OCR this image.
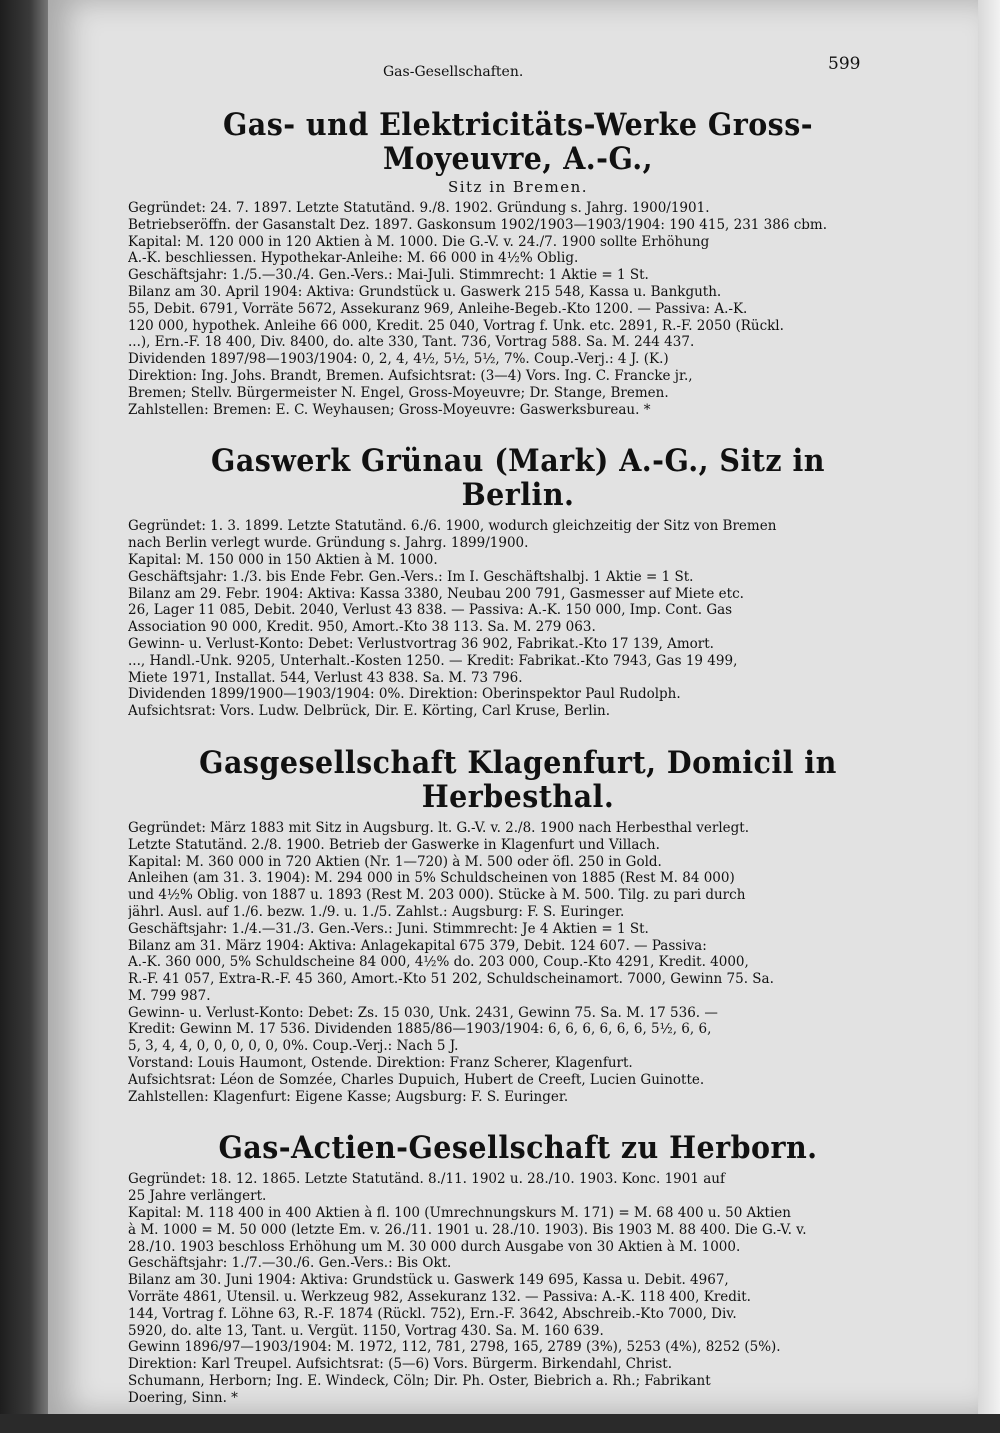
Gas-Gesellschaften.	599
Gas- und Elektricitäts-Werke Gross-Moyeuvre, A.-G.,
Sitz in Bremen.
Gegründet: 24. 7. 1897. Letzte Statutänd. 9./8. 1902. Gründung s. Jahrg. 1900/1901.
Betriebseröffn. der Gasanstalt Dez. 1897. Gaskonsum 1902/1903—1903/1904: 190 415, 231 386 cbm.
Kapital: M. 120 000 in 120 Aktien à M. 1000. Die G.-V. v. 24./7. 1900 sollte Erhöhung
A.-K. beschliessen. Hypothekar-Anleihe: M. 66 000 in 4½% Oblig.
Geschäftsjahr: 1./5.—30./4. Gen.-Vers.: Mai-Juli. Stimmrecht: 1 Aktie = 1 St.
Bilanz am 30. April 1904: Aktiva: Grundstück u. Gaswerk 215 548, Kassa u. Bankguth.
55, Debit. 6791, Vorräte 5672, Assekuranz 969, Anleihe-Begeb.-Kto 1200. — Passiva: A.-K.
120 000, hypothek. Anleihe 66 000, Kredit. 25 040, Vortrag f. Unk. etc. 2891, R.-F. 2050 (Rückl.
...), Ern.-F. 18 400, Div. 8400, do. alte 330, Tant. 736, Vortrag 588. Sa. M. 244 437.
Dividenden 1897/98—1903/1904: 0, 2, 4, 4½, 5½, 5½, 7%. Coup.-Verj.: 4 J. (K.)
Direktion: Ing. Johs. Brandt, Bremen. Aufsichtsrat: (3—4) Vors. Ing. C. Francke jr.,
Bremen; Stellv. Bürgermeister N. Engel, Gross-Moyeuvre; Dr. Stange, Bremen.
Zahlstellen: Bremen: E. C. Weyhausen; Gross-Moyeuvre: Gaswerksbureau. *
Gaswerk Grünau (Mark) A.-G., Sitz in Berlin.
Gegründet: 1. 3. 1899. Letzte Statutänd. 6./6. 1900, wodurch gleichzeitig der Sitz von Bremen
nach Berlin verlegt wurde. Gründung s. Jahrg. 1899/1900.
Kapital: M. 150 000 in 150 Aktien à M. 1000.
Geschäftsjahr: 1./3. bis Ende Febr. Gen.-Vers.: Im I. Geschäftshalbj. 1 Aktie = 1 St.
Bilanz am 29. Febr. 1904: Aktiva: Kassa 3380, Neubau 200 791, Gasmesser auf Miete etc.
26, Lager 11 085, Debit. 2040, Verlust 43 838. — Passiva: A.-K. 150 000, Imp. Cont. Gas
Association 90 000, Kredit. 950, Amort.-Kto 38 113. Sa. M. 279 063.
Gewinn- u. Verlust-Konto: Debet: Verlustvortrag 36 902, Fabrikat.-Kto 17 139, Amort.
..., Handl.-Unk. 9205, Unterhalt.-Kosten 1250. — Kredit: Fabrikat.-Kto 7943, Gas 19 499,
Miete 1971, Installat. 544, Verlust 43 838. Sa. M. 73 796.
Dividenden 1899/1900—1903/1904: 0%. Direktion: Oberinspektor Paul Rudolph.
Aufsichtsrat: Vors. Ludw. Delbrück, Dir. E. Körting, Carl Kruse, Berlin.
Gasgesellschaft Klagenfurt, Domicil in Herbesthal.
Gegründet: März 1883 mit Sitz in Augsburg. lt. G.-V. v. 2./8. 1900 nach Herbesthal verlegt.
Letzte Statutänd. 2./8. 1900. Betrieb der Gaswerke in Klagenfurt und Villach.
Kapital: M. 360 000 in 720 Aktien (Nr. 1—720) à M. 500 oder öfl. 250 in Gold.
Anleihen (am 31. 3. 1904): M. 294 000 in 5% Schuldscheinen von 1885 (Rest M. 84 000)
und 4½% Oblig. von 1887 u. 1893 (Rest M. 203 000). Stücke à M. 500. Tilg. zu pari durch
jährl. Ausl. auf 1./6. bezw. 1./9. u. 1./5. Zahlst.: Augsburg: F. S. Euringer.
Geschäftsjahr: 1./4.—31./3. Gen.-Vers.: Juni. Stimmrecht: Je 4 Aktien = 1 St.
Bilanz am 31. März 1904: Aktiva: Anlagekapital 675 379, Debit. 124 607. — Passiva:
A.-K. 360 000, 5% Schuldscheine 84 000, 4½% do. 203 000, Coup.-Kto 4291, Kredit. 4000,
R.-F. 41 057, Extra-R.-F. 45 360, Amort.-Kto 51 202, Schuldscheinamort. 7000, Gewinn 75. Sa.
M. 799 987.
Gewinn- u. Verlust-Konto: Debet: Zs. 15 030, Unk. 2431, Gewinn 75. Sa. M. 17 536. —
Kredit: Gewinn M. 17 536. Dividenden 1885/86—1903/1904: 6, 6, 6, 6, 6, 6, 5½, 6, 6,
5, 3, 4, 4, 0, 0, 0, 0, 0, 0%. Coup.-Verj.: Nach 5 J.
Vorstand: Louis Haumont, Ostende. Direktion: Franz Scherer, Klagenfurt.
Aufsichtsrat: Léon de Somzée, Charles Dupuich, Hubert de Creeft, Lucien Guinotte.
Zahlstellen: Klagenfurt: Eigene Kasse; Augsburg: F. S. Euringer.
Gas-Actien-Gesellschaft zu Herborn.
Gegründet: 18. 12. 1865. Letzte Statutänd. 8./11. 1902 u. 28./10. 1903. Konc. 1901 auf
25 Jahre verlängert.
Kapital: M. 118 400 in 400 Aktien à fl. 100 (Umrechnungskurs M. 171) = M. 68 400 u. 50 Aktien
à M. 1000 = M. 50 000 (letzte Em. v. 26./11. 1901 u. 28./10. 1903). Bis 1903 M. 88 400. Die G.-V. v.
28./10. 1903 beschloss Erhöhung um M. 30 000 durch Ausgabe von 30 Aktien à M. 1000.
Geschäftsjahr: 1./7.—30./6. Gen.-Vers.: Bis Okt.
Bilanz am 30. Juni 1904: Aktiva: Grundstück u. Gaswerk 149 695, Kassa u. Debit. 4967,
Vorräte 4861, Utensil. u. Werkzeug 982, Assekuranz 132. — Passiva: A.-K. 118 400, Kredit.
144, Vortrag f. Löhne 63, R.-F. 1874 (Rückl. 752), Ern.-F. 3642, Abschreib.-Kto 7000, Div.
5920, do. alte 13, Tant. u. Vergüt. 1150, Vortrag 430. Sa. M. 160 639.
Gewinn 1896/97—1903/1904: M. 1972, 112, 781, 2798, 165, 2789 (3%), 5253 (4%), 8252 (5%).
Direktion: Karl Treupel. Aufsichtsrat: (5—6) Vors. Bürgerm. Birkendahl, Christ.
Schumann, Herborn; Ing. E. Windeck, Cöln; Dir. Ph. Oster, Biebrich a. Rh.; Fabrikant
Doering, Sinn. *
